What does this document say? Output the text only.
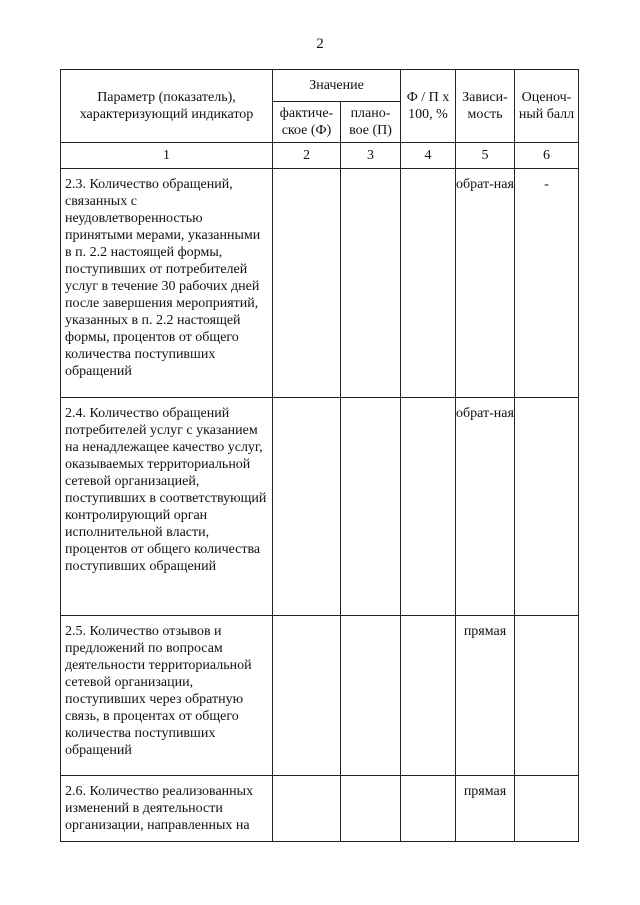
2
Параметр (показатель), характеризующий индикатор	Значение		Ф / П х 100, %	Зависи-мость	Оценоч-ный балл
	фактиче-ское (Ф)	плано-вое (П)			
1	2	3	4	5	6
2.3. Количество обращений, связанных с неудовлетворенностью принятыми мерами, указанными в п. 2.2 настоящей формы, поступивших от потребителей услуг в течение 30 рабочих дней после завершения мероприятий, указанных в п. 2.2 настоящей формы, процентов от общего количества поступивших обращений				обрат-ная	-
2.4. Количество обращений потребителей услуг с указанием на ненадлежащее качество услуг, оказываемых территориальной сетевой организацией, поступивших в соответствующий контролирующий орган исполнительной власти, процентов от общего количества поступивших обращений				обрат-ная	
2.5. Количество отзывов и предложений по вопросам деятельности территориальной сетевой организации, поступивших через обратную связь, в процентах от общего количества поступивших обращений				прямая	
2.6. Количество реализованных изменений в деятельности организации, направленных на				прямая	
